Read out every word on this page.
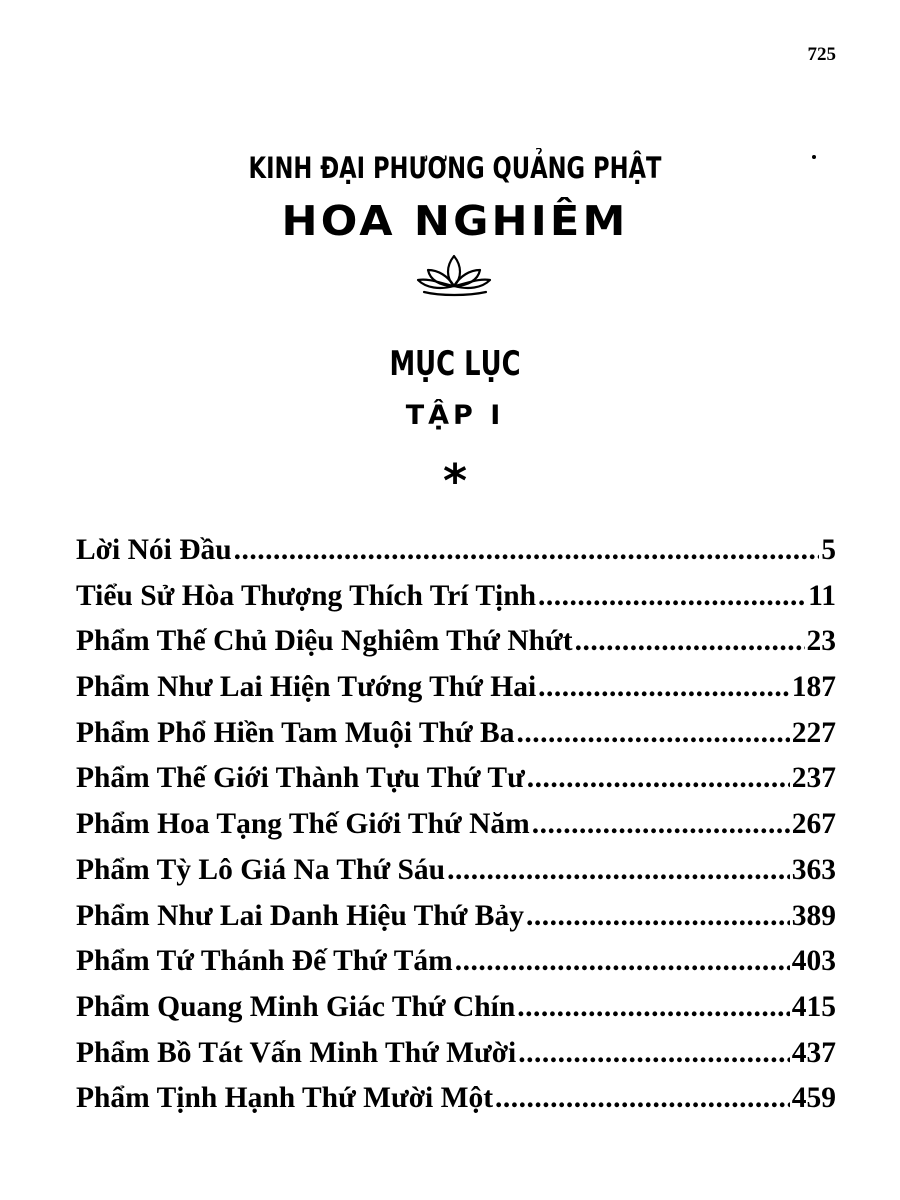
725
KINH ĐẠI PHƯƠNG QUẢNG PHẬT
HOA NGHIÊM
MỤC LỤC
TẬP I
*
Lời Nói Đầu .....	5
Tiểu Sử Hòa Thượng Thích Trí Tịnh .....	11
Phẩm Thế Chủ Diệu Nghiêm Thứ Nhứt .....	23
Phẩm Như Lai Hiện Tướng Thứ Hai .....	187
Phẩm Phổ Hiền Tam Muội Thứ Ba .....	227
Phẩm Thế Giới Thành Tựu Thứ Tư .....	237
Phẩm Hoa Tạng Thế Giới Thứ Năm .....	267
Phẩm Tỳ Lô Giá Na Thứ Sáu .....	363
Phẩm Như Lai Danh Hiệu Thứ Bảy .....	389
Phẩm Tứ Thánh Đế Thứ Tám .....	403
Phẩm Quang Minh Giác Thứ Chín .....	415
Phẩm Bồ Tát Vấn Minh Thứ Mười .....	437
Phẩm Tịnh Hạnh Thứ Mười Một .....	459
